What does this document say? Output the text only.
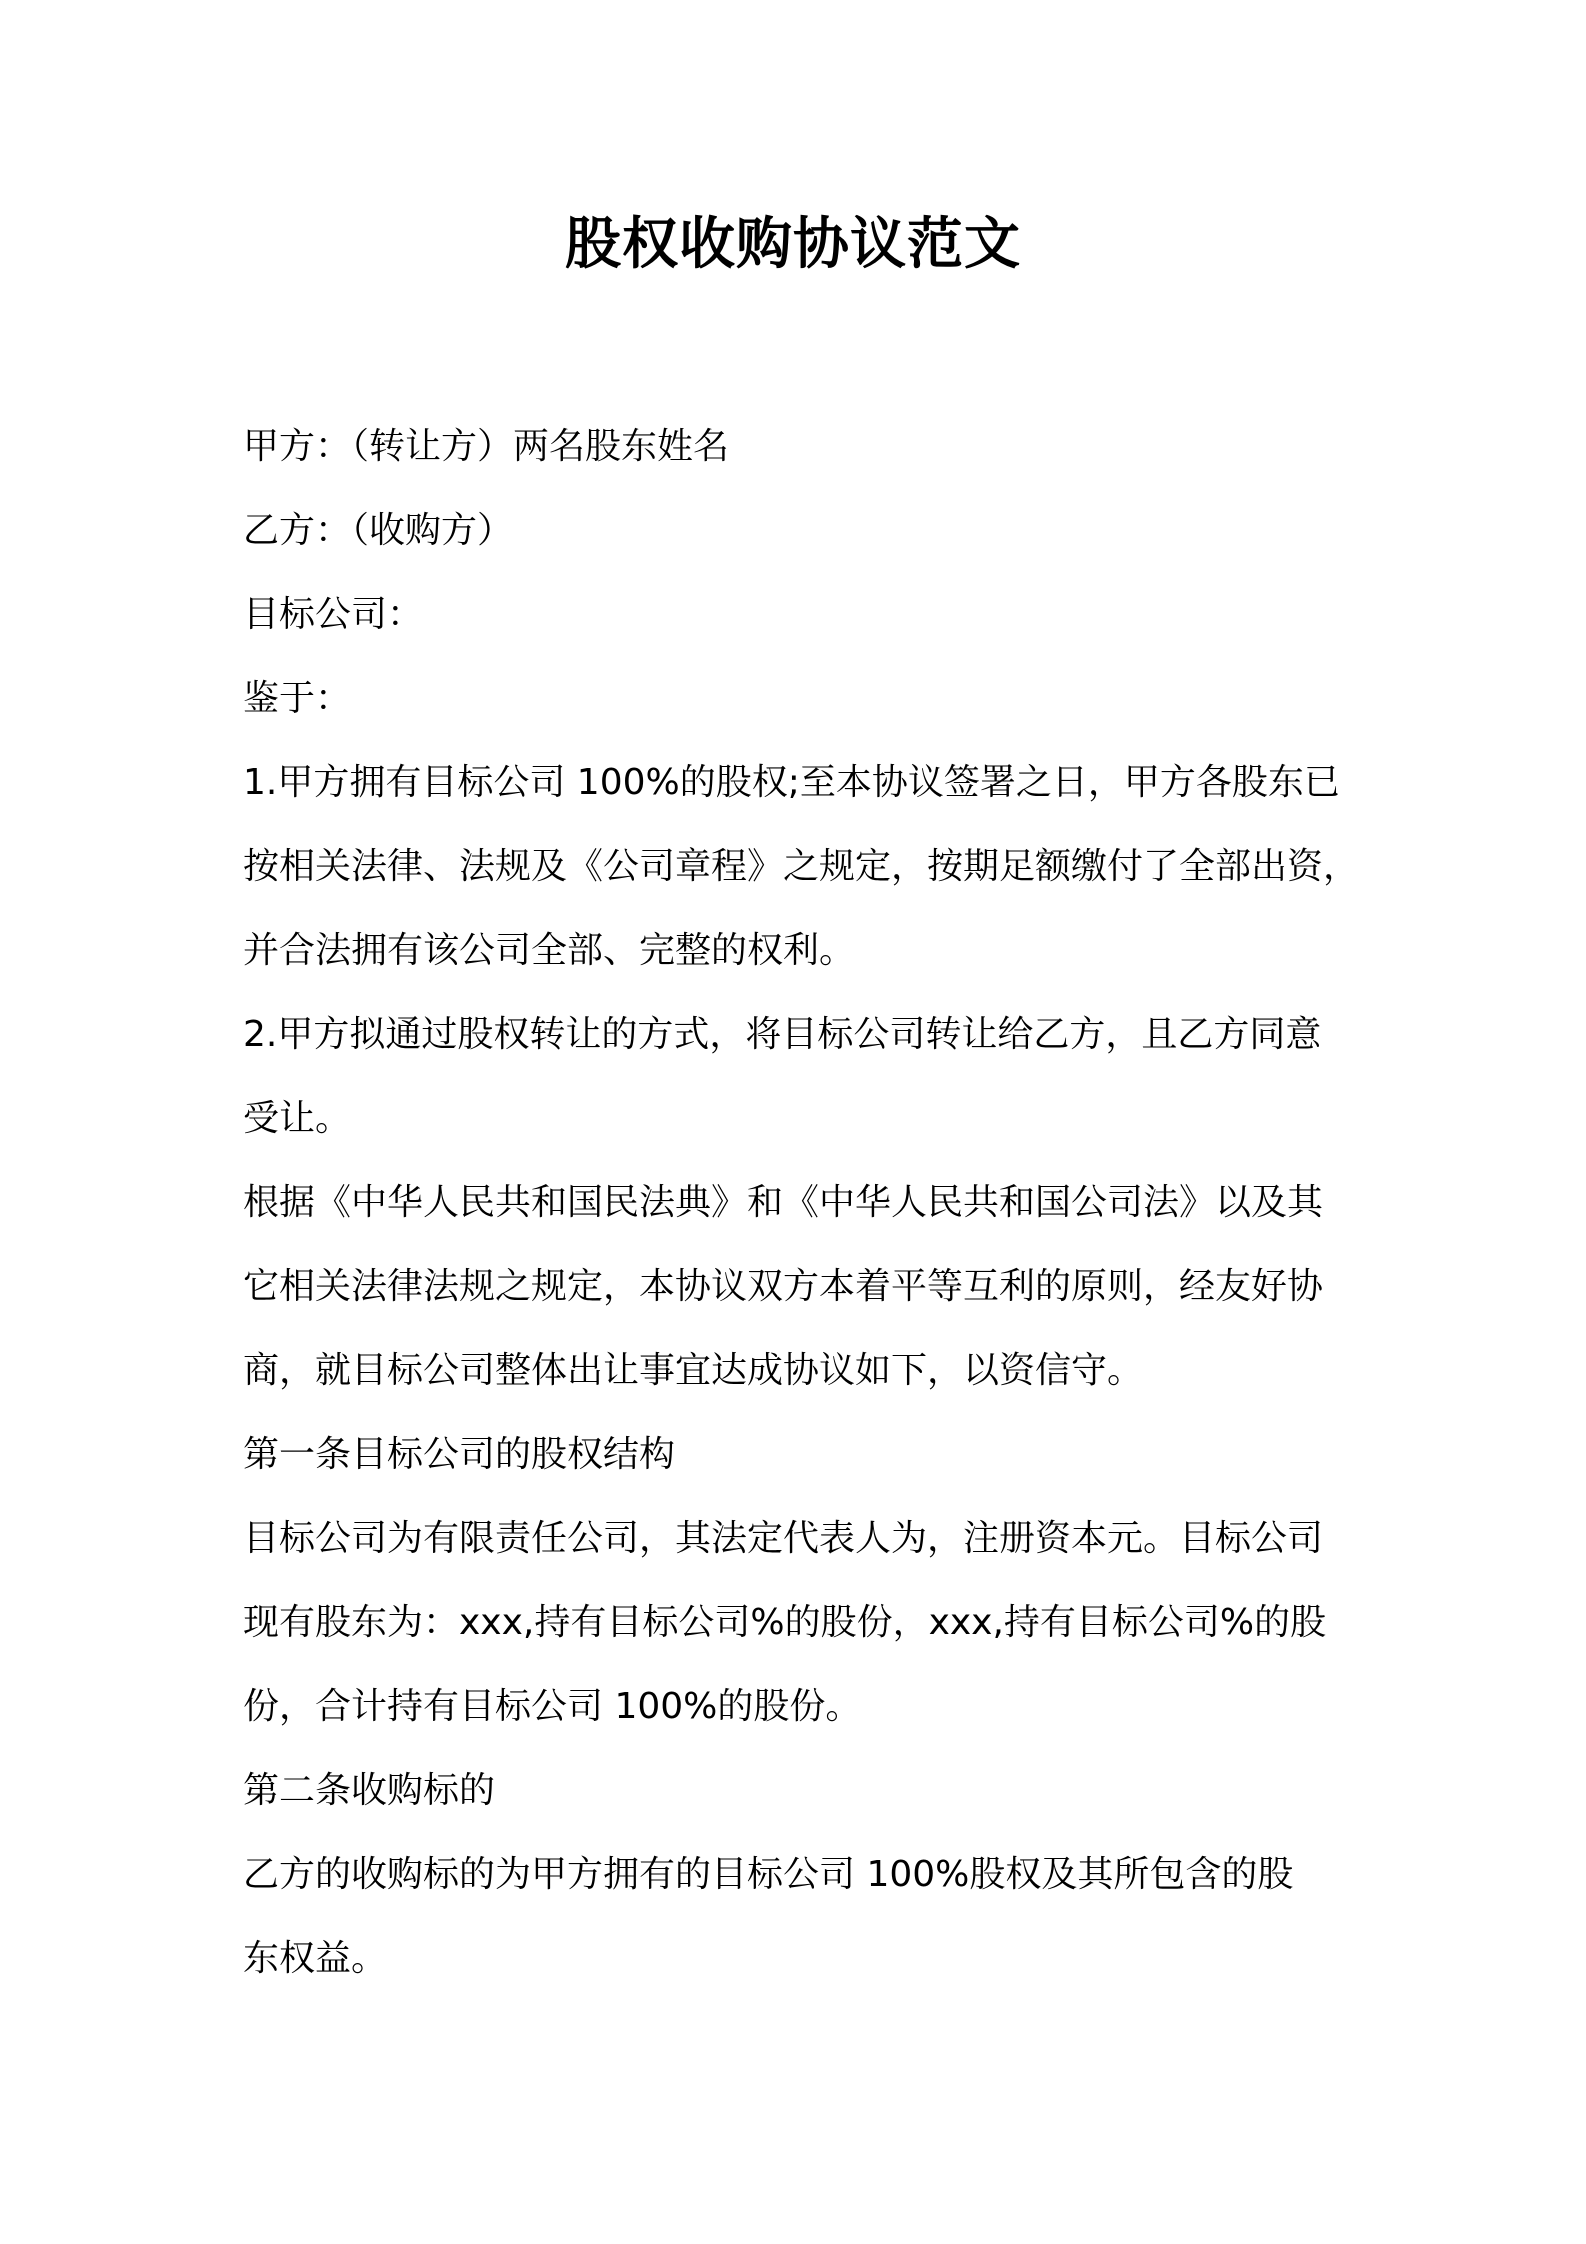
股权收购协议范文
甲方：（转让方）两名股东姓名
乙方：（收购方）
目标公司：
鉴于：
1.甲方拥有目标公司 100%的股权;至本协议签署之日，甲方各股东已
按相关法律、法规及《公司章程》之规定，按期足额缴付了全部出资，
并合法拥有该公司全部、完整的权利。
2.甲方拟通过股权转让的方式，将目标公司转让给乙方，且乙方同意
受让。
根据《中华人民共和国民法典》和《中华人民共和国公司法》以及其
它相关法律法规之规定，本协议双方本着平等互利的原则，经友好协
商，就目标公司整体出让事宜达成协议如下，以资信守。
第一条目标公司的股权结构
目标公司为有限责任公司，其法定代表人为，注册资本元。目标公司
现有股东为：xxx,持有目标公司%的股份，xxx,持有目标公司%的股
份，合计持有目标公司 100%的股份。
第二条收购标的
乙方的收购标的为甲方拥有的目标公司 100%股权及其所包含的股
东权益。
